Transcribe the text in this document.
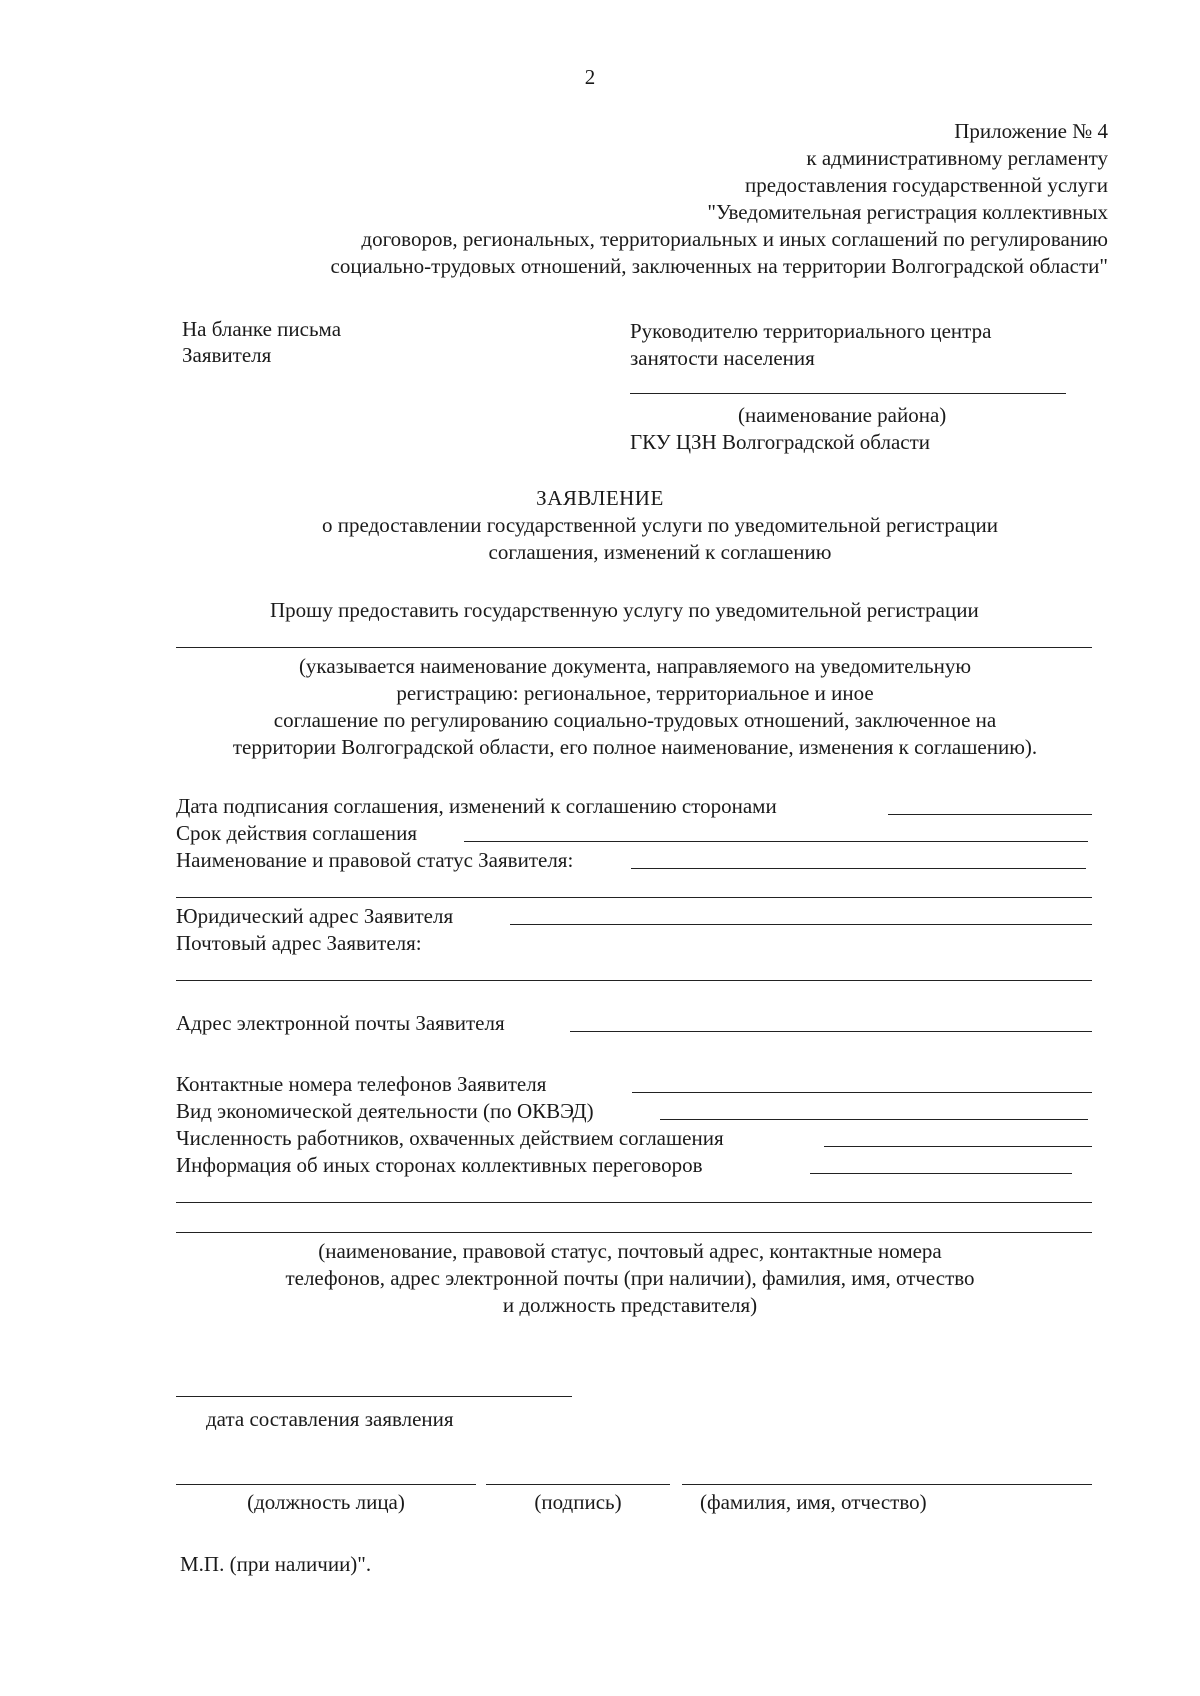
2
Приложение № 4
к административному регламенту
предоставления государственной услуги
"Уведомительная регистрация коллективных
договоров, региональных, территориальных и иных соглашений по регулированию
социально-трудовых отношений, заключенных на территории Волгоградской области"
На бланке письма
Заявителя
Руководителю территориального центра
занятости населения
(наименование района)
ГКУ ЦЗН Волгоградской области
ЗАЯВЛЕНИЕ
о предоставлении государственной услуги по уведомительной регистрации
соглашения, изменений к соглашению
Прошу предоставить государственную услугу по уведомительной регистрации
(указывается наименование документа, направляемого на уведомительную
регистрацию: региональное, территориальное и иное
соглашение по регулированию социально-трудовых отношений, заключенное на
территории Волгоградской области, его полное наименование, изменения к соглашению).
Дата подписания соглашения, изменений к соглашению сторонами
Срок действия соглашения
Наименование и правовой статус Заявителя:
Юридический адрес Заявителя
Почтовый адрес Заявителя:
Адрес электронной почты Заявителя
Контактные номера телефонов Заявителя
Вид экономической деятельности (по ОКВЭД)
Численность работников, охваченных действием соглашения
Информация об иных сторонах коллективных переговоров
(наименование, правовой статус, почтовый адрес, контактные номера
телефонов, адрес электронной почты (при наличии), фамилия, имя, отчество
и должность представителя)
дата составления заявления
(должность лица)	(подпись)	(фамилия, имя, отчество)
М.П. (при наличии)".
